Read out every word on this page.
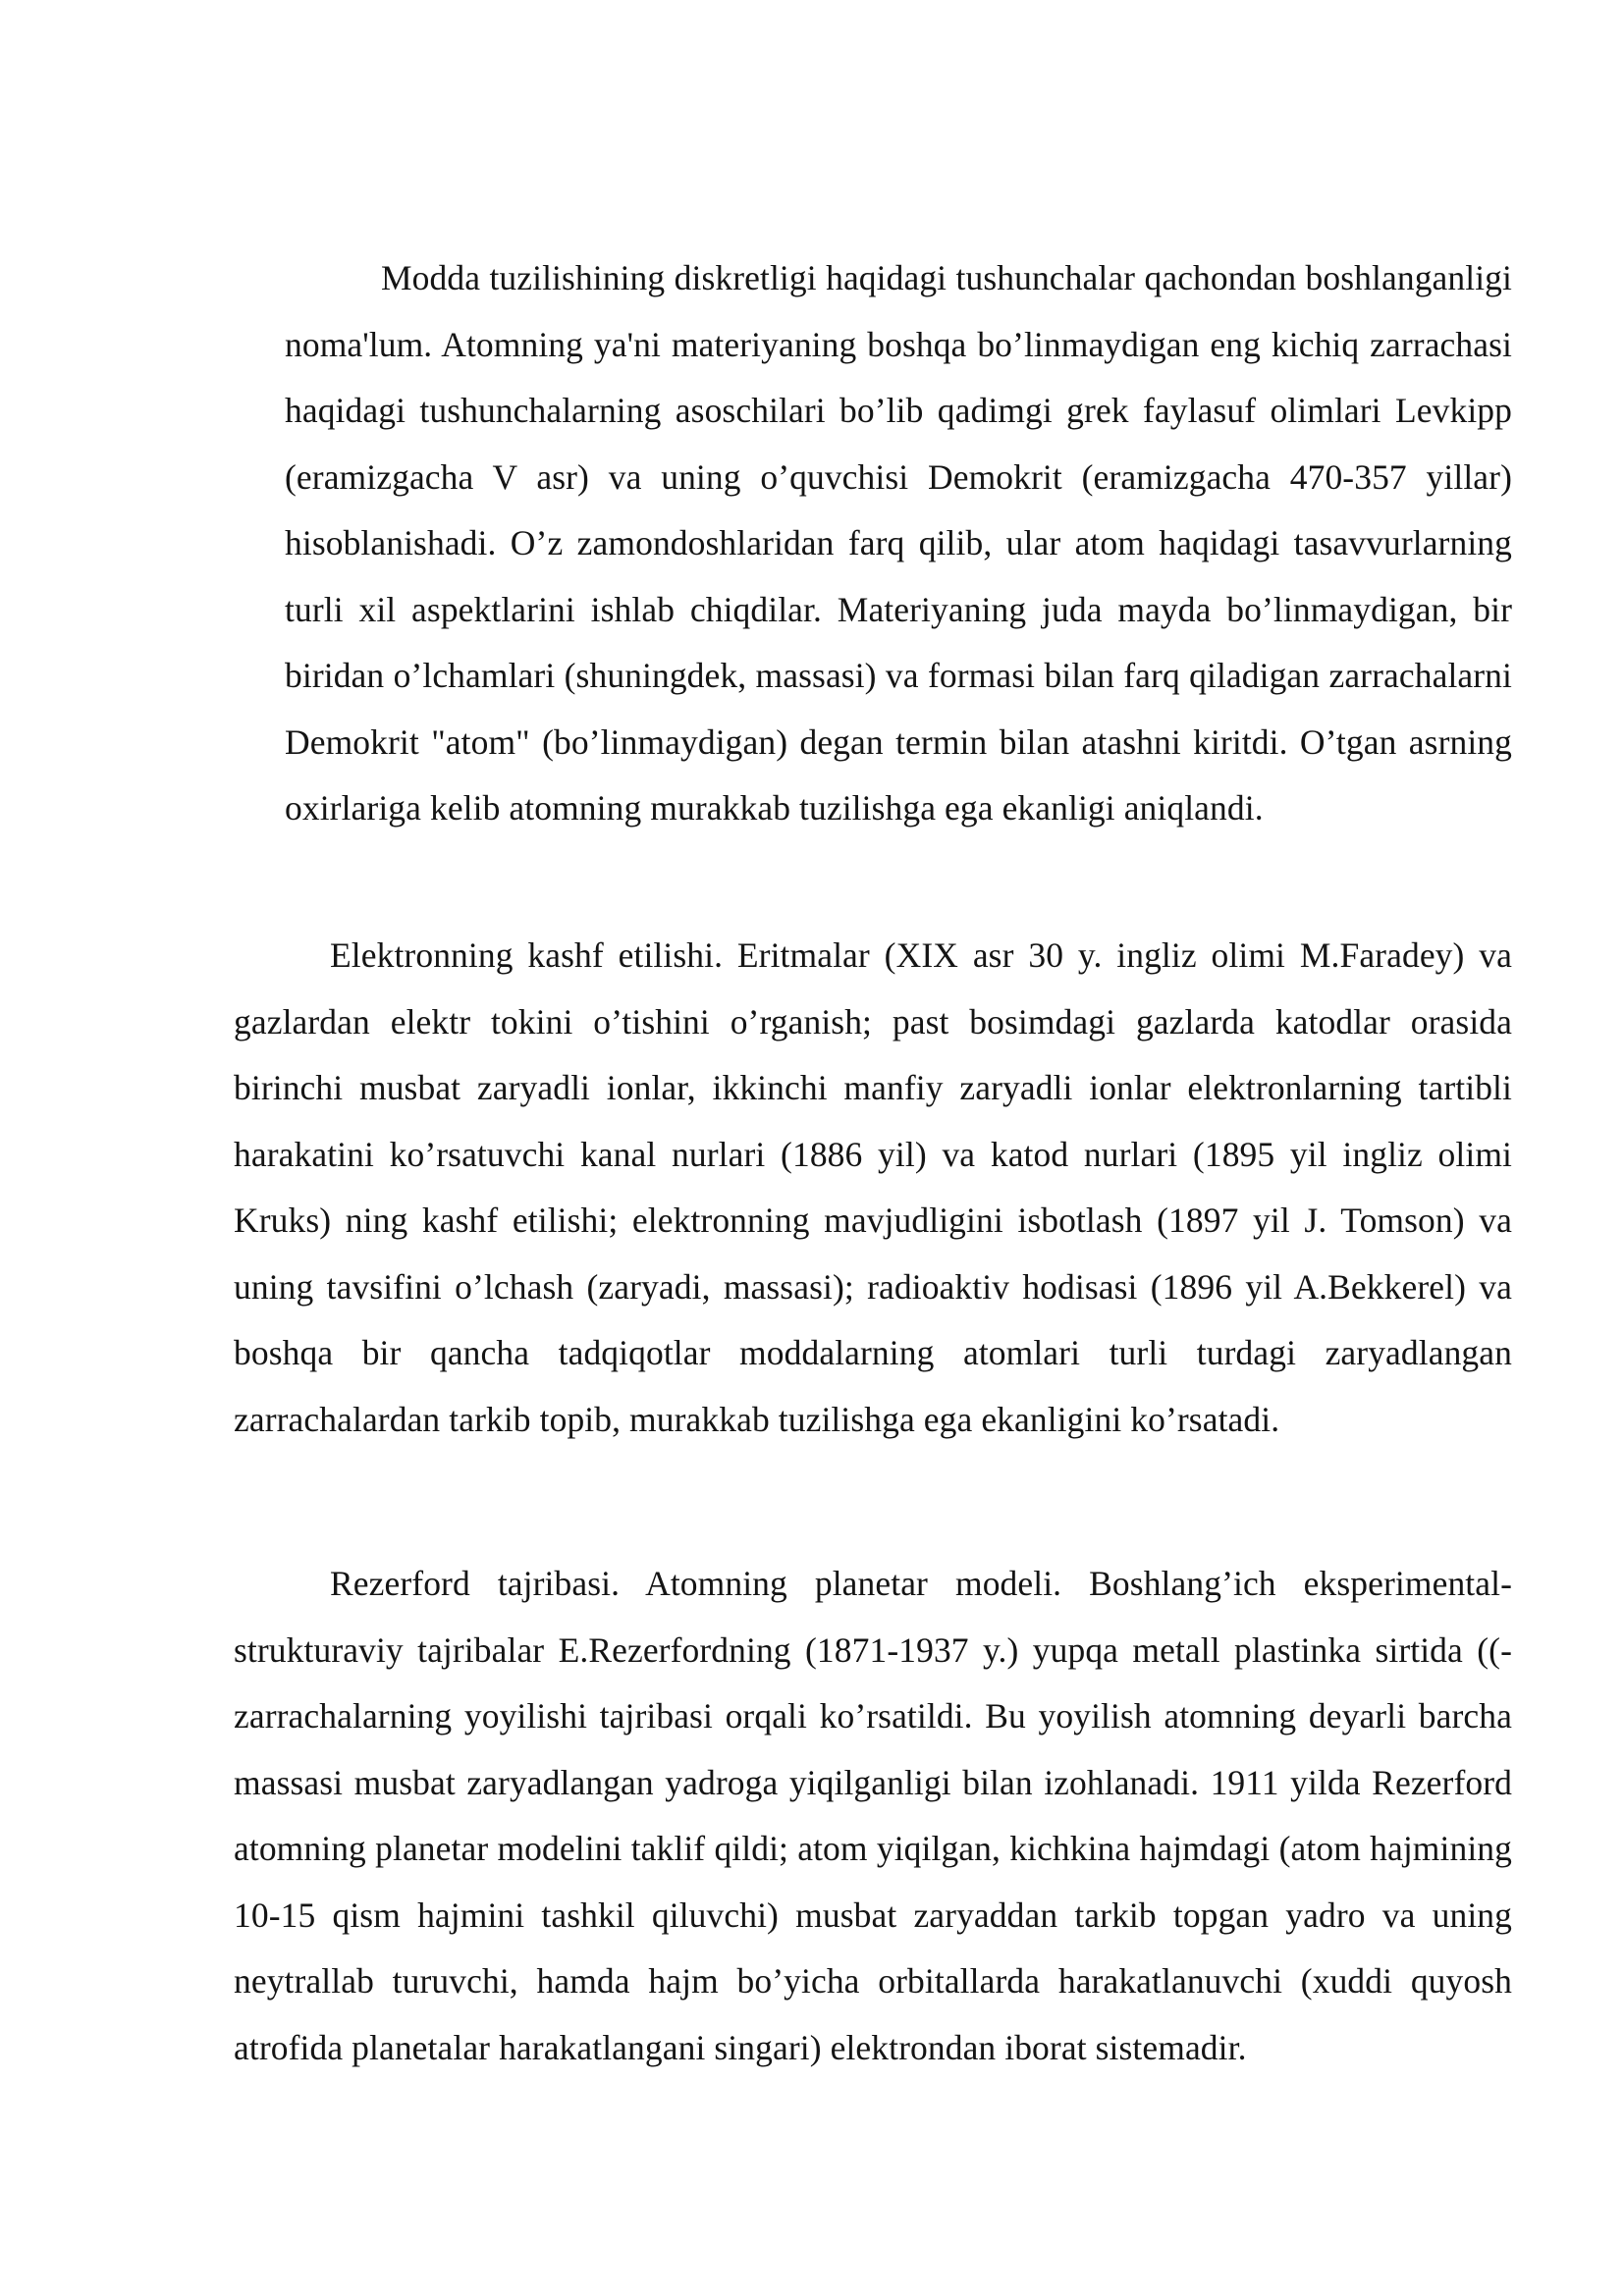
Modda tuzilishining diskretligi haqidagi tushunchalar qachondan boshlanganligi noma'lum. Atomning ya'ni materiyaning boshqa bo’linmaydigan eng kichiq zarrachasi haqidagi tushunchalarning asoschilari bo’lib qadimgi grek faylasuf olimlari Levkipp (eramizgacha V asr) va uning o’quvchisi Demokrit (eramizgacha 470-357 yillar) hisoblanishadi. O’z zamondoshlaridan farq qilib, ular atom haqidagi tasavvurlarning turli xil aspektlarini ishlab chiqdilar. Materiyaning juda mayda bo’linmaydigan, bir biridan o’lchamlari (shuningdek, massasi) va formasi bilan farq qiladigan zarrachalarni Demokrit "atom" (bo’linmaydigan) degan termin bilan atashni kiritdi. O’tgan asrning oxirlariga kelib atomning murakkab tuzilishga ega ekanligi aniqlandi.

Elektronning kashf etilishi. Eritmalar (XIX asr 30 y. ingliz olimi M.Faradey) va gazlardan elektr tokini o’tishini o’rganish; past bosimdagi gazlarda katodlar orasida birinchi musbat zaryadli ionlar, ikkinchi manfiy zaryadli ionlar elektronlarning tartibli harakatini ko’rsatuvchi kanal nurlari (1886 yil) va katod nurlari (1895 yil ingliz olimi Kruks) ning kashf etilishi; elektronning mavjudligini isbotlash (1897 yil J. Tomson) va uning tavsifini o’lchash (zaryadi, massasi); radioaktiv hodisasi (1896 yil A.Bekkerel) va boshqa bir qancha tadqiqotlar moddalarning atomlari turli turdagi zaryadlangan zarrachalardan tarkib topib, murakkab tuzilishga ega ekanligini ko’rsatadi.

Rezerford tajribasi. Atomning planetar modeli. Boshlang’ich eksperimental-strukturaviy tajribalar E.Rezerfordning (1871-1937 y.) yupqa metall plastinka sirtida ((-zarrachalarning yoyilishi tajribasi orqali ko’rsatildi. Bu yoyilish atomning deyarli barcha massasi musbat zaryadlangan yadroga yiqilganligi bilan izohlanadi. 1911 yilda Rezerford atomning planetar modelini taklif qildi; atom yiqilgan, kichkina hajmdagi (atom hajmining 10-15 qism hajmini tashkil qiluvchi) musbat zaryaddan tarkib topgan yadro va uning neytrallab turuvchi, hamda hajm bo’yicha orbitallarda harakatlanuvchi (xuddi quyosh atrofida planetalar harakatlangani singari) elektrondan iborat sistemadir.
